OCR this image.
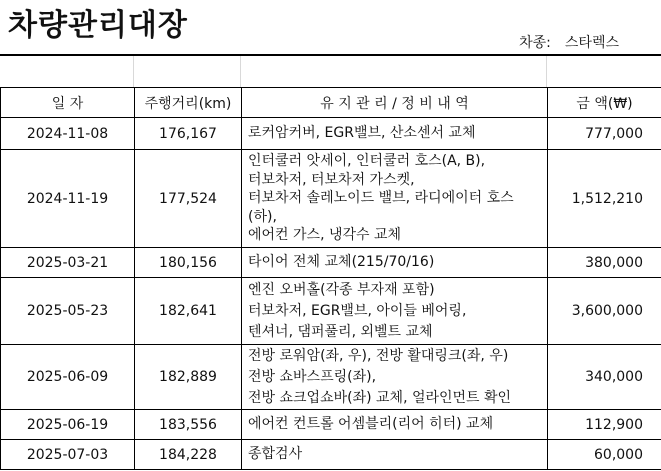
차량관리대장	차종: 스타렉스
일 자	주행거리(km)	유 지 관 리 / 정 비 내 역	금 액(₩)
2024-11-08	176,167	로커암커버, EGR밸브, 산소센서 교체	777,000
2024-11-19	177,524	인터쿨러 앗세이, 인터쿨러 호스(A, B),
터보차저, 터보차저 가스켓,
터보차저 솔레노이드 밸브, 라디에이터 호스
(하),
에어컨 가스, 냉각수 교체	1,512,210
2025-03-21	180,156	타이어 전체 교체(215/70/16)	380,000
2025-05-23	182,641	엔진 오버홀(각종 부자재 포함)
터보차저, EGR밸브, 아이들 베어링,
텐셔너, 댐퍼풀리, 외벨트 교체	3,600,000
2025-06-09	182,889	전방 로워암(좌, 우), 전방 활대링크(좌, 우)
전방 쇼바스프링(좌),
전방 쇼크업쇼바(좌) 교체, 얼라인먼트 확인	340,000
2025-06-19	183,556	에어컨 컨트롤 어셈블리(리어 히터) 교체	112,900
2025-07-03	184,228	종합검사	60,000
